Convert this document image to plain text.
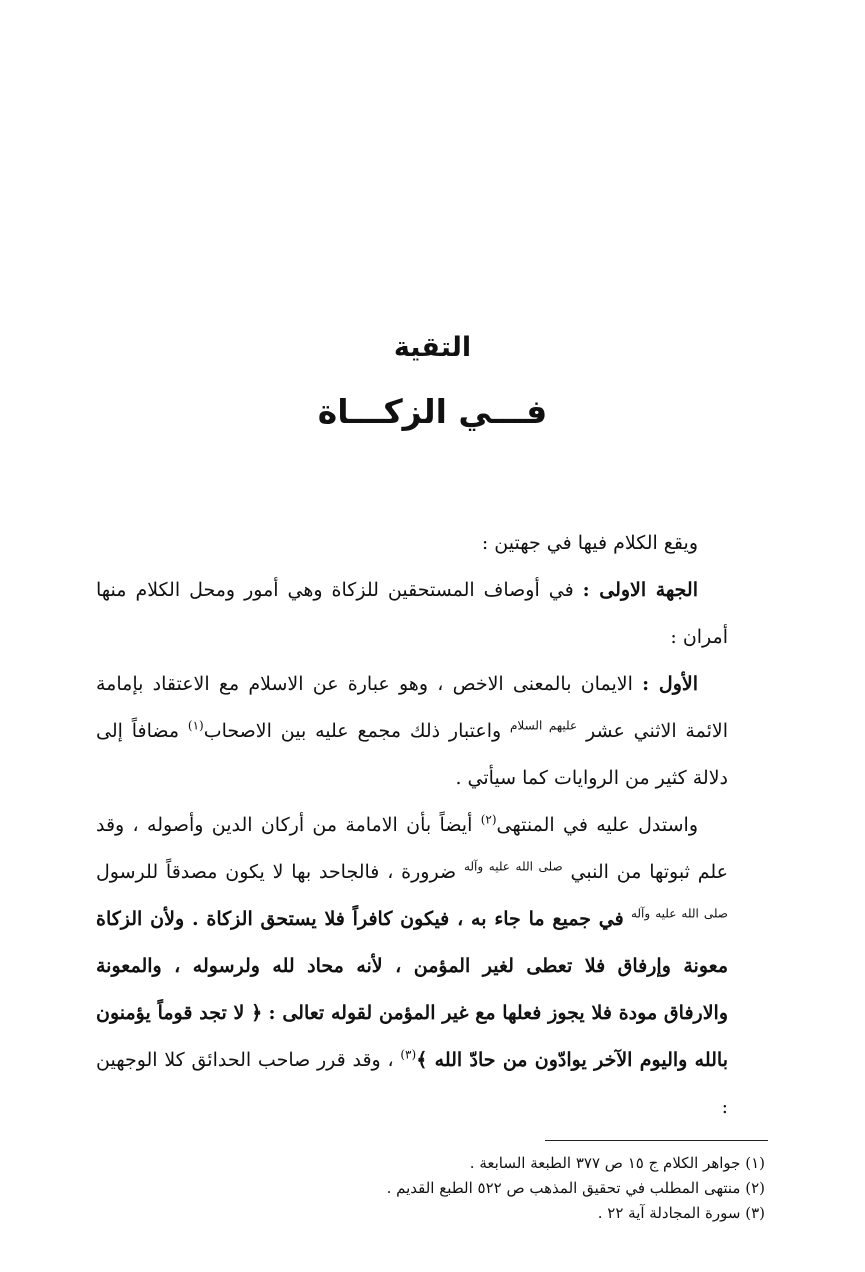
التقية
فـــي الزكـــاة

ويقع الكلام فيها في جهتين :

الجهة الاولى : في أوصاف المستحقين للزكاة وهي أمور ومحل الكلام منها أمران :

الأول : الايمان بالمعنى الاخص ، وهو عبارة عن الاسلام مع الاعتقاد بإمامة الائمة الاثني عشر $^{عليهم السلام}$ واعتبار ذلك مجمع عليه بين الاصحاب$^{(١)}$ مضافاً إلى دلالة كثير من الروايات كما سيأتي .

واستدل عليه في المنتهى$^{(٢)}$ أيضاً بأن الامامة من أركان الدين وأصوله ، وقد علم ثبوتها من النبي $^{صلى الله عليه وآله}$ ضرورة ، فالجاحد بها لا يكون مصدقاً للرسول $^{صلى الله عليه وآله}$ في جميع ما جاء به ، فيكون كافراً فلا يستحق الزكاة . ولأن الزكاة معونة وإرفاق فلا تعطى لغير المؤمن ، لأنه محاد لله ولرسوله ، والمعونة والارفاق مودة فلا يجوز فعلها مع غير المؤمن لقوله تعالى : ﴿ لا تجد قوماً يؤمنون بالله واليوم الآخر يوادّون من حادّ الله ﴾$^{(٣)}$ ، وقد قرر صاحب الحدائق كلا الوجهين :

(١) جواهر الكلام ج ١٥ ص ٣٧٧ الطبعة السابعة .
(٢) منتهى المطلب في تحقيق المذهب ص ٥٢٢ الطبع القديم .
(٣) سورة المجادلة آية ٢٢ .
